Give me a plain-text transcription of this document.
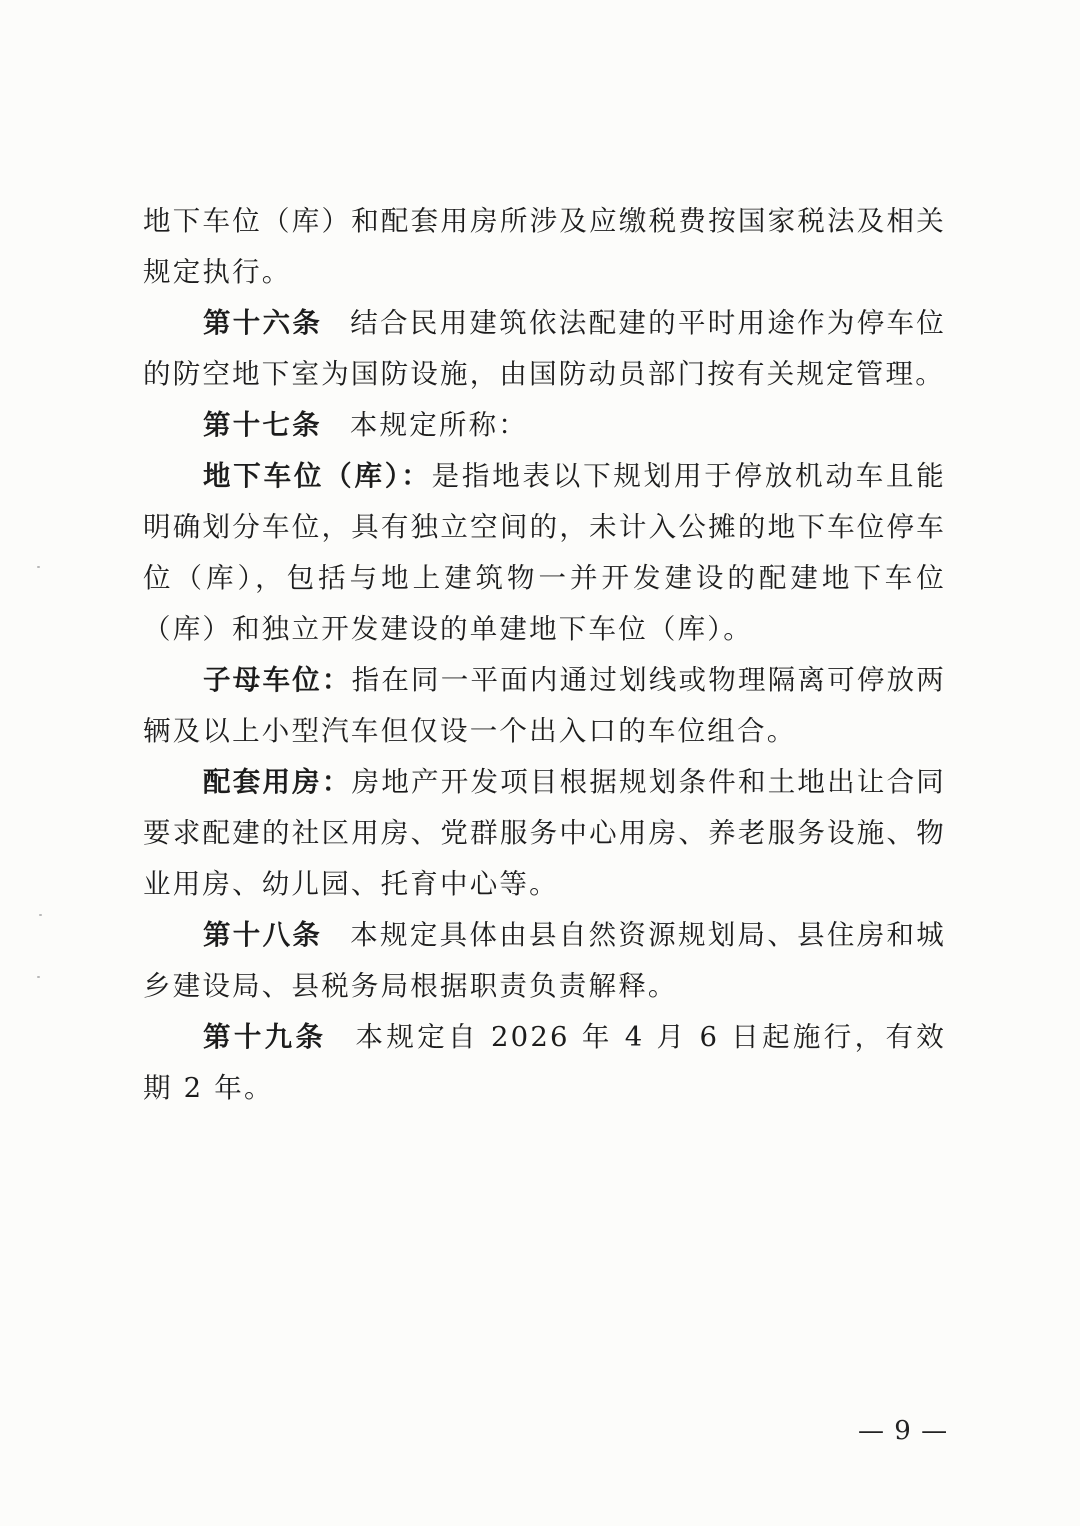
地下车位（库）和配套用房所涉及应缴税费按国家税法及相关规定执行。

第十六条 结合民用建筑依法配建的平时用途作为停车位的防空地下室为国防设施，由国防动员部门按有关规定管理。

第十七条 本规定所称：

地下车位（库）：是指地表以下规划用于停放机动车且能明确划分车位，具有独立空间的，未计入公摊的地下车位停车位（库），包括与地上建筑物一并开发建设的配建地下车位（库）和独立开发建设的单建地下车位（库）。

子母车位：指在同一平面内通过划线或物理隔离可停放两辆及以上小型汽车但仅设一个出入口的车位组合。

配套用房：房地产开发项目根据规划条件和土地出让合同要求配建的社区用房、党群服务中心用房、养老服务设施、物业用房、幼儿园、托育中心等。

第十八条 本规定具体由县自然资源规划局、县住房和城乡建设局、县税务局根据职责负责解释。

第十九条 本规定自 2026 年 4 月 6 日起施行，有效期 2 年。

— 9 —
